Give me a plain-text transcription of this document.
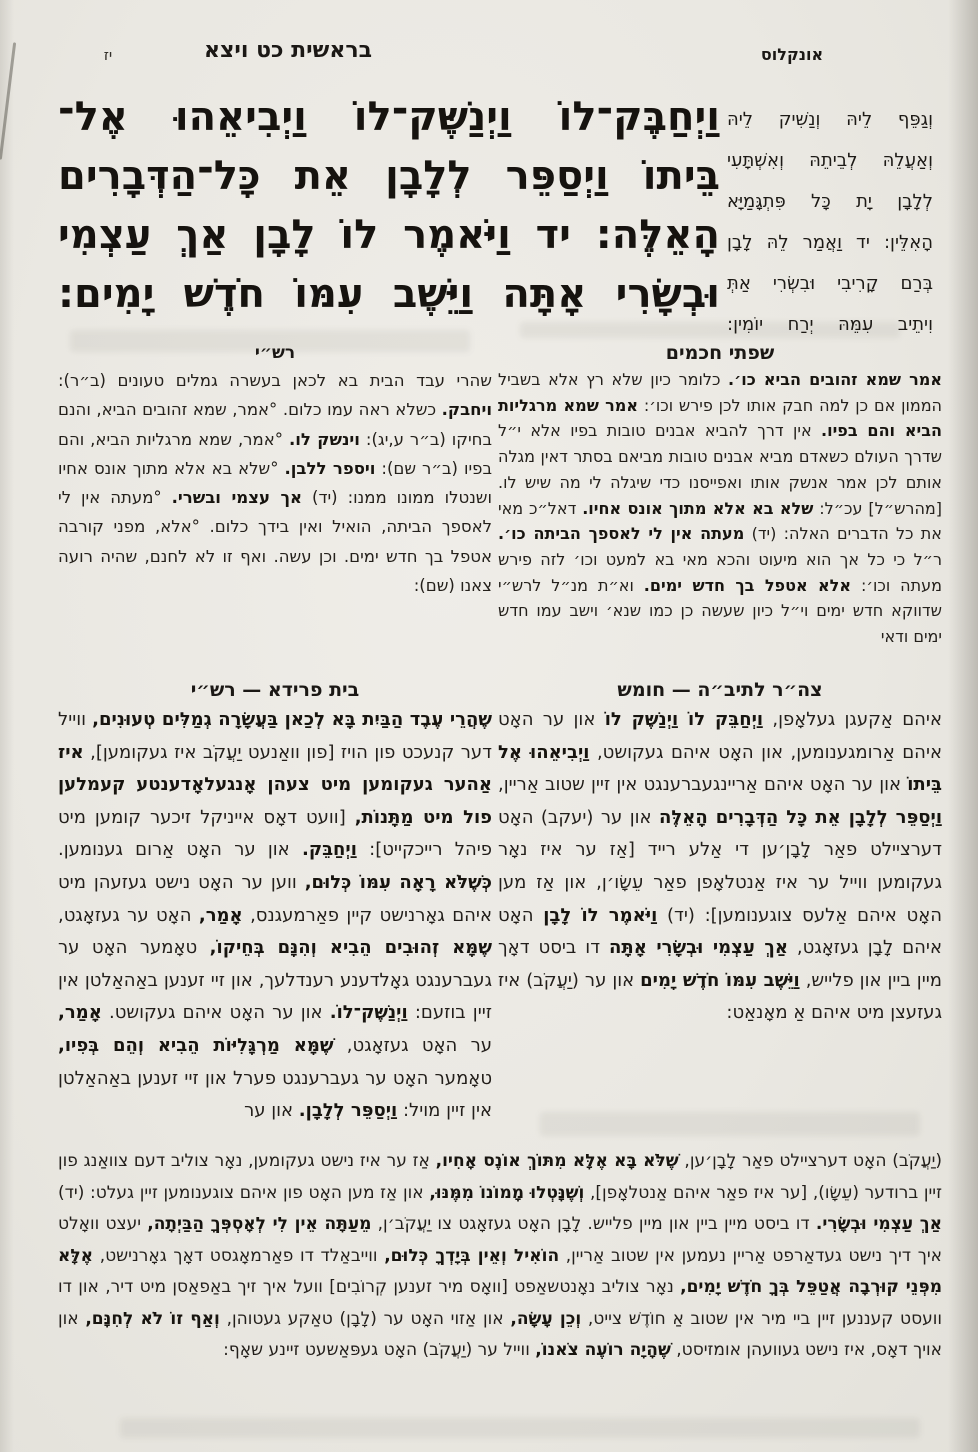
יז	בראשית כט ויצא	אונקלוס
וַיְחַבֶּק־לוֹ וַיְנַשֶּׁק־לוֹ וַיְבִיאֵהוּ אֶל־
בֵּיתוֹ וַיְסַפֵּר לְלָבָן אֵת כָּל־הַדְּבָרִים
הָאֵלֶּה: יד וַיֹּאמֶר לוֹ לָבָן אַךְ עַצְמִי
וּבְשָׂרִי אָתָּה וַיֵּשֶׁב עִמּוֹ חֹדֶשׁ יָמִים:
וְגַפֵּף לֵיהּ וְנַשִּׁיק לֵיהּ
וְאַעֲלֵהּ לְבֵיתֵהּ וְאִשְׁתָּעִי
לְלָבָן יָת כָּל פִּתְגָּמַיָּא
הָאִלֵּין: יד וַאֲמַר לֵהּ לָבָן
בְּרַם קָרִיבִי וּבִשְׂרִי אַתְּ
וִיתֵיב עִמֵּהּ יְרַח יוֹמִין:
רש״י
שהרי עבד הבית בא לכאן בעשרה גמלים טעונים (ב״ר): ויחבק. כשלא ראה עמו כלום. °אמר, שמא זהובים הביא, והנם בחיקו (ב״ר ע,יג): וינשק לו. °אמר, שמא מרגליות הביא, והם בפיו (ב״ר שם): ויספר ללבן. °שלא בא אלא מתוך אונס אחיו ושנטלו ממונו ממנו: (יד) אך עצמי ובשרי. °מעתה אין לי לאספך הביתה, הואיל ואין בידך כלום. °אלא, מפני קורבה אטפל בך חדש ימים. וכן עשה. ואף זו לא לחנם, שהיה רועה צאנו (שם):
שפתי חכמים
אמר שמא זהובים הביא כו׳. כלומר כיון שלא רץ אלא בשביל הממון אם כן למה חבק אותו לכן פירש וכו׳: אמר שמא מרגליות הביא והם בפיו. אין דרך להביא אבנים טובות בפיו אלא י״ל שדרך העולם כשאדם מביא אבנים טובות מביאם בסתר דאין מגלה אותם לכן אמר אנשק אותו ואפייסנו כדי שיגלה לי מה שיש לו. [מהרש״ל] עכ״ל: שלא בא אלא מתוך אונס אחיו. דאל״כ מאי את כל הדברים האלה: (יד) מעתה אין לי לאספך הביתה כו׳. ר״ל כי כל אך הוא מיעוט והכא מאי בא למעט וכו׳ לזה פירש מעתה וכו׳: אלא אטפל בך חדש ימים. וא״ת מנ״ל לרש״י שדווקא חדש ימים וי״ל כיון שעשה כן כמו שנא׳ וישב עמו חדש ימים ודאי
בית פרידא — רש״י
שֶׁהֲרֵי עֶבֶד הַבַּיִת בָּא לְכַאן בַּעֲשָׂרָה גְמַלִּים טְעוּנִים, ווייל דער קנעכט פון הויז [פון וואַנעט יַעֲקֹב איז געקומען], איז אַהער געקומען מיט צעהן אָנגעלאָדענטע קעמלען פול מיט מַתָּנוֹת, [וועט דאָס אייניקל זיכער קומען מיט פיהל רייכקייט]: וַיְחַבֵּק. און ער האָט אַרום גענומען. כְּשֶׁלֹּא רָאָה עִמּוֹ כְּלוּם, ווען ער האָט נישט געזעהן מיט איהם גאָרנישט קיין פאַרמעגנס, אָמַר, האָט ער געזאָגט, שֶׁמָּא זְהוּבִים הֵבִיא וְהִנָּם בְּחֵיקוֹ, טאָמער האָט ער געברענגט גאָלדענע רענדלעך, און זיי זענען באַהאַלטן אין זיין בוזעם: וַיְנַשֶּׁק־לוֹ. און ער האָט איהם געקושט. אָמַר, ער האָט געזאָגט, שֶׁמָּא מַרְגָּלִיּוֹת הֵבִיא וְהֵם בְּפִיו, טאָמער האָט ער געברענגט פערל און זיי זענען באַהאַלטן אין זיין מויל: וַיְסַפֵּר לְלָבָן. און ער
צה״ר לתיב״ה — חומש
איהם אַקעגן געלאָפן, וַיְחַבֵּק לוֹ וַיְנַשֶּׁק לוֹ און ער האָט איהם אַרומגענומען, און האָט איהם געקושט, וַיְבִיאֵהוּ אֶל בֵּיתוֹ און ער האָט איהם אַריינגעברענגט אין זיין שטוב אַריין, וַיְסַפֵּר לְלָבָן אֵת כָּל הַדְּבָרִים הָאֵלֶּה און ער (יעקב) האָט דערציילט פאַר לָבָן׳ען די אַלע רייד [אַז ער איז נאָר געקומען ווייל ער איז אַנטלאָפן פאַר עֵשָׂו׳ן, און אַז מען האָט איהם אַלעס צוגענומען]: (יד) וַיֹּאמֶר לוֹ לָבָן האָט איהם לָבָן געזאָגט, אַךְ עַצְמִי וּבְשָׂרִי אָתָּה דו ביסט דאָך מיין ביין און פלייש, וַיֵּשֶׁב עִמּוֹ חֹדֶשׁ יָמִים און ער (יַעֲקֹב) איז געזעצן מיט איהם אַ מאָנאַט:
(יַעֲקֹב) האָט דערציילט פאַר לָבָן׳ען, שֶׁלֹּא בָּא אֶלָּא מִתּוֹךְ אוֹנֶס אָחִיו, אַז ער איז נישט געקומען, נאָר צוליב דעם צוואַנג פון זיין ברודער (עֵשָׂו), [ער איז פאַר איהם אַנטלאָפן], וְשֶׁנָּטְלוּ מָמוֹנוֹ מִמֶּנּוּ, און אַז מען האָט פון איהם צוגענומען זיין געלט: (יד) אַךְ עַצְמִי וּבְשָׂרִי. דו ביסט מיין ביין און מיין פלייש. לָבָן האָט געזאָגט צו יַעֲקֹב׳ן, מֵעַתָּה אֵין לִי לְאָסְפְּךָ הַבַּיְתָה, יעצט וואָלט איך דיך נישט געדאַרפט אַריין נעמען אין שטוב אַריין, הוֹאִיל וְאֵין בְּיָדְךָ כְּלוּם, ווייבאַלד דו פאַרמאָגסט דאָך גאָרנישט, אֶלָּא מִפְּנֵי קוּרְבָה אֲטַפֵּל בְּךָ חֹדֶשׁ יָמִים, נאָר צוליב נאָנטשאַפט [וואָס מיר זענען קְרוֹבִים] וועל איך זיך באַפאַסן מיט דיר, און דו וועסט קעננען זיין ביי מיר אין שטוב אַ חוֹדֶשׁ צייט, וְכֵן עָשָׂה, און אַזוי האָט ער (לָבָן) טאַקע געטוהן, וְאַף זוֹ לֹא לְחִנָּם, און אויך דאָס, איז נישט געוועהן אומזיסט, שֶׁהָיָה רוֹעֶה צֹאנוֹ, ווייל ער (יַעֲקֹב) האָט געפּאַשעט זיינע שאָף:
